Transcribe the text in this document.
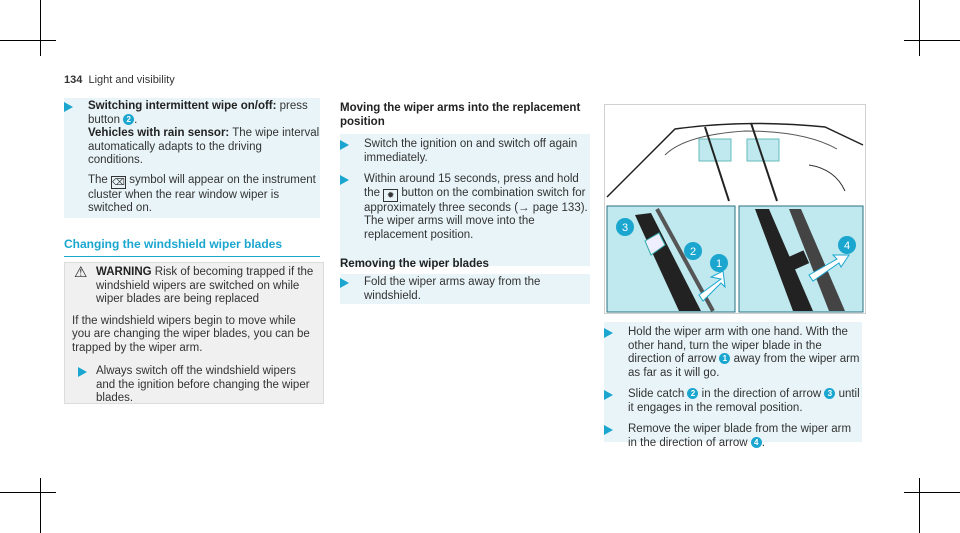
134 Light and visibility
Switching intermittent wipe on/off: press button 2 .
Vehicles with rain sensor: The wipe interval automatically adapts to the driving conditions.
The ⌫ symbol will appear on the instrument cluster when the rear window wiper is switched on.
Changing the windshield wiper blades
⚠ WARNING Risk of becoming trapped if the windshield wipers are switched on while wiper blades are being replaced
If the windshield wipers begin to move while you are changing the wiper blades, you can be trapped by the wiper arm.
Always switch off the windshield wipers and the ignition before changing the wiper blades.
Moving the wiper arms into the replacement position
Switch the ignition on and switch off again immediately.
Within around 15 seconds, press and hold the ✹ button on the combination switch for approximately three seconds (→ page 133).
The wiper arms will move into the replacement position.
Removing the wiper blades
Fold the wiper arms away from the windshield.
3
2
1
4
Hold the wiper arm with one hand. With the other hand, turn the wiper blade in the direction of arrow 1 away from the wiper arm as far as it will go.
Slide catch 2 in the direction of arrow 3 until it engages in the removal position.
Remove the wiper blade from the wiper arm in the direction of arrow 4 .
